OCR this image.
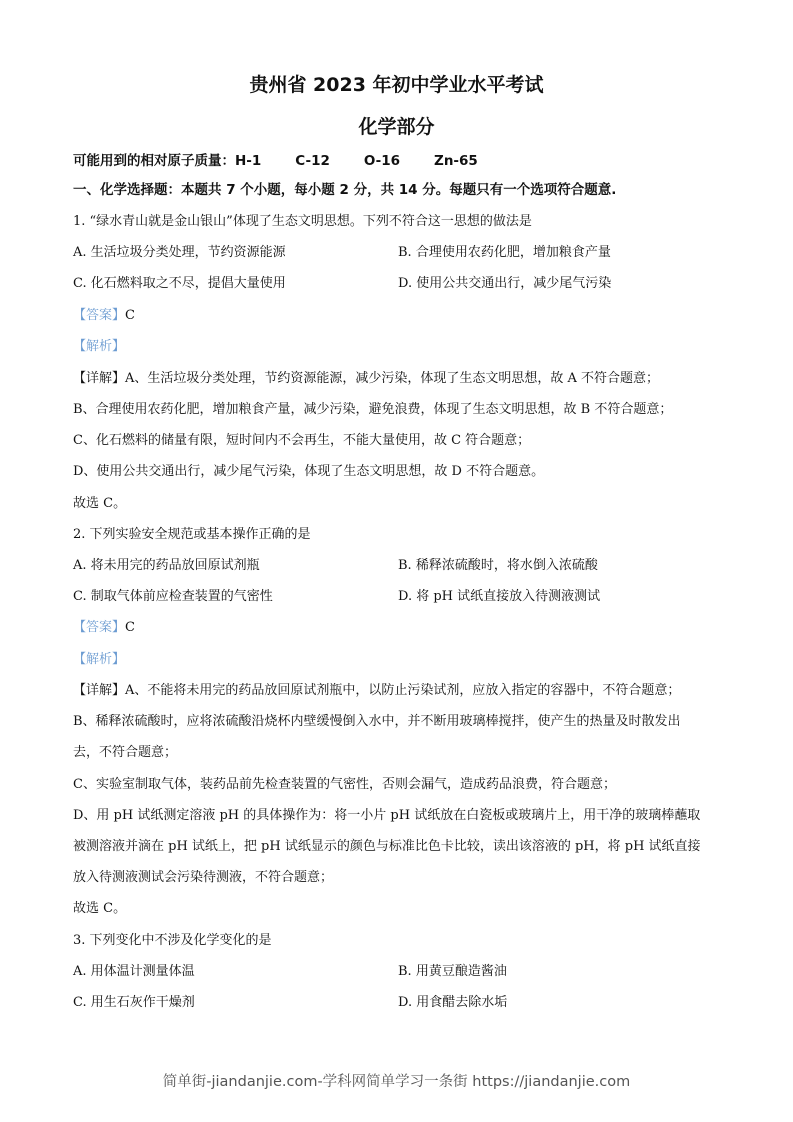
贵州省 2023 年初中学业水平考试
化学部分
可能用到的相对原子质量：H-1	C-12	O-16	Zn-65
一、化学选择题：本题共 7 个小题，每小题 2 分，共 14 分。每题只有一个选项符合题意.
1. “绿水青山就是金山银山”体现了生态文明思想。下列不符合这一思想的做法是
A. 生活垃圾分类处理，节约资源能源	B. 合理使用农药化肥，增加粮食产量
C. 化石燃料取之不尽，提倡大量使用	D. 使用公共交通出行，减少尾气污染
【答案】C
【解析】
【详解】A、生活垃圾分类处理，节约资源能源，减少污染，体现了生态文明思想，故 A 不符合题意；
B、合理使用农药化肥，增加粮食产量，减少污染，避免浪费，体现了生态文明思想，故 B 不符合题意；
C、化石燃料的储量有限，短时间内不会再生，不能大量使用，故 C 符合题意；
D、使用公共交通出行，减少尾气污染，体现了生态文明思想，故 D 不符合题意。
故选 C。
2. 下列实验安全规范或基本操作正确的是
A. 将未用完的药品放回原试剂瓶	B. 稀释浓硫酸时，将水倒入浓硫酸
C. 制取气体前应检查装置的气密性	D. 将 pH 试纸直接放入待测液测试
【答案】C
【解析】
【详解】A、不能将未用完的药品放回原试剂瓶中，以防止污染试剂，应放入指定的容器中，不符合题意；
B、稀释浓硫酸时，应将浓硫酸沿烧杯内壁缓慢倒入水中，并不断用玻璃棒搅拌，使产生的热量及时散发出
去，不符合题意；
C、实验室制取气体，装药品前先检查装置的气密性，否则会漏气，造成药品浪费，符合题意；
D、用 pH 试纸测定溶液 pH 的具体操作为：将一小片 pH 试纸放在白瓷板或玻璃片上，用干净的玻璃棒蘸取
被测溶液并滴在 pH 试纸上，把 pH 试纸显示的颜色与标准比色卡比较，读出该溶液的 pH，将 pH 试纸直接
放入待测液测试会污染待测液，不符合题意；
故选 C。
3. 下列变化中不涉及化学变化的是
A. 用体温计测量体温	B. 用黄豆酿造酱油
C. 用生石灰作干燥剂	D. 用食醋去除水垢
简单街-jiandanjie.com-学科网简单学习一条街 https://jiandanjie.com
